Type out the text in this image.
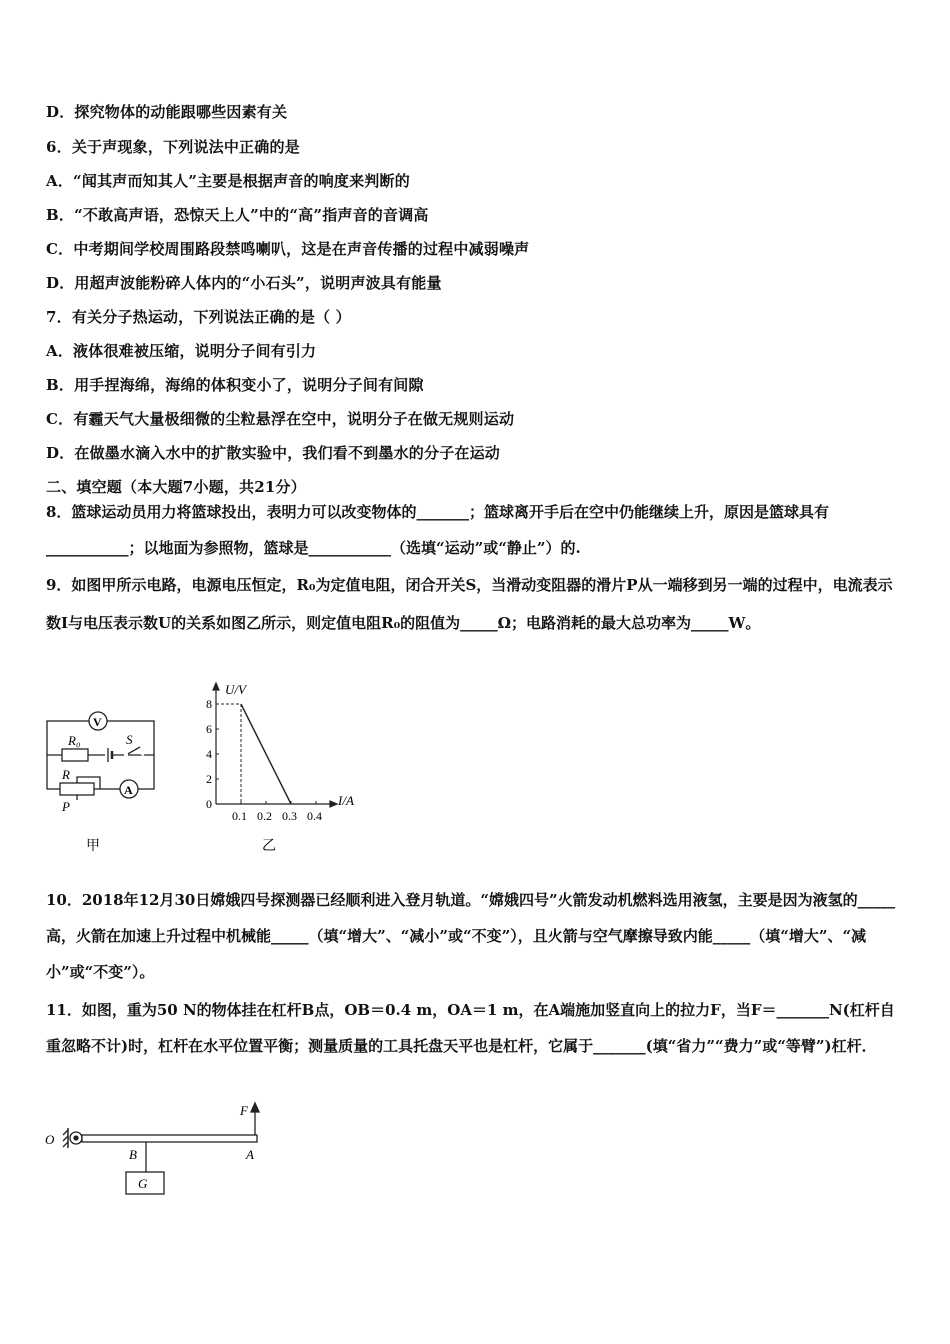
D．探究物体的动能跟哪些因素有关
6．关于声现象，下列说法中正确的是
A．“闻其声而知其人”主要是根据声音的响度来判断的
B．“不敢高声语，恐惊天上人”中的“高”指声音的音调高
C．中考期间学校周围路段禁鸣喇叭，这是在声音传播的过程中减弱噪声
D．用超声波能粉碎人体内的“小石头”，说明声波具有能量
7．有关分子热运动，下列说法正确的是（ ）
A．液体很难被压缩，说明分子间有引力
B．用手捏海绵，海绵的体积变小了，说明分子间有间隙
C．有霾天气大量极细微的尘粒悬浮在空中，说明分子在做无规则运动
D．在做墨水滴入水中的扩散实验中，我们看不到墨水的分子在运动
二、填空题（本大题7小题，共21分）
8．篮球运动员用力将篮球投出，表明力可以改变物体的_______；篮球离开手后在空中仍能继续上升，原因是篮球具有___________；以地面为参照物，篮球是___________（选填“运动”或“静止”）的.
9．如图甲所示电路，电源电压恒定，R₀为定值电阻，闭合开关S，当滑动变阻器的滑片P从一端移到另一端的过程中，电流表示数I与电压表示数U的关系如图乙所示，则定值电阻R₀的阻值为_____Ω；电路消耗的最大总功率为_____W。
V
R₀	S
R
A
P
甲
0
2
4
6
8
0.1 0.2 0.3 0.4
U/V
I/A
乙
10．2018年12月30日嫦娥四号探测器已经顺利进入登月轨道。“嫦娥四号”火箭发动机燃料选用液氢，主要是因为液氢的_____高，火箭在加速上升过程中机械能_____（填“增大”、“减小”或“不变”），且火箭与空气摩擦导致内能_____（填“增大”、“减小”或“不变”）。
11．如图，重为50 N的物体挂在杠杆B点，OB＝0.4 m，OA＝1 m，在A端施加竖直向上的拉力F，当F＝_______N(杠杆自重忽略不计)时，杠杆在水平位置平衡；测量质量的工具托盘天平也是杠杆，它属于_______(填“省力”“费力”或“等臂”)杠杆．
O
B	A
F
G
